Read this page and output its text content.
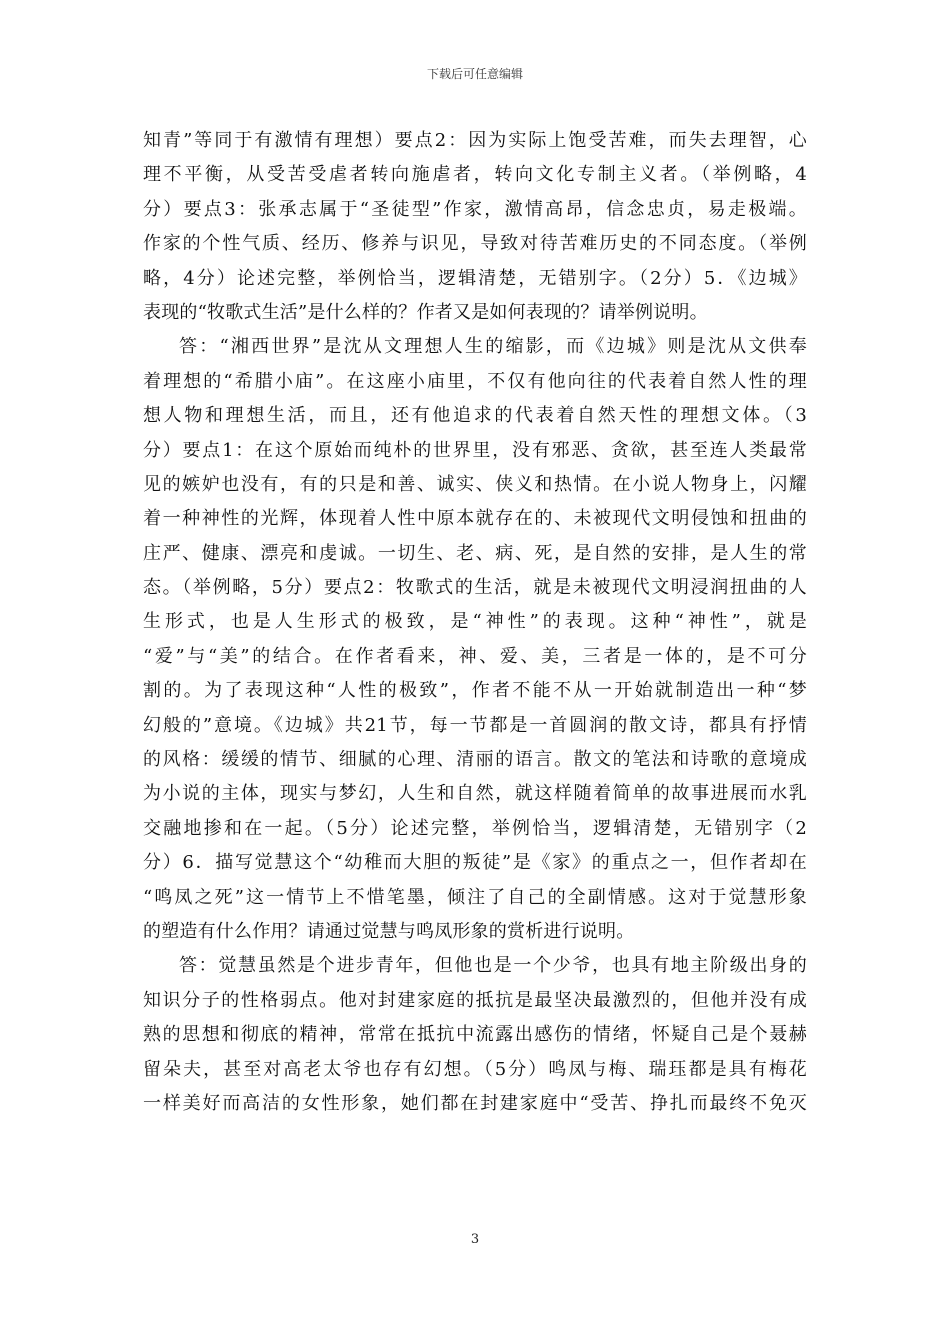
下载后可任意编辑
知青”等同于有激情有理想）要点2：因为实际上饱受苦难，而失去理智，心
理不平衡，从受苦受虐者转向施虐者，转向文化专制主义者。（举例略，4
分）要点3：张承志属于“圣徒型”作家，激情高昂，信念忠贞，易走极端。
作家的个性气质、经历、修养与识见，导致对待苦难历史的不同态度。（举例
略，4分）论述完整，举例恰当，逻辑清楚，无错别字。（2分）5．《边城》
表现的“牧歌式生活”是什么样的？作者又是如何表现的？请举例说明。
答：“湘西世界”是沈从文理想人生的缩影，而《边城》则是沈从文供奉
着理想的“希腊小庙”。在这座小庙里，不仅有他向往的代表着自然人性的理
想人物和理想生活，而且，还有他追求的代表着自然天性的理想文体。（3
分）要点1：在这个原始而纯朴的世界里，没有邪恶、贪欲，甚至连人类最常
见的嫉妒也没有，有的只是和善、诚实、侠义和热情。在小说人物身上，闪耀
着一种神性的光辉，体现着人性中原本就存在的、未被现代文明侵蚀和扭曲的
庄严、健康、漂亮和虔诚。一切生、老、病、死，是自然的安排，是人生的常
态。（举例略，5分）要点2：牧歌式的生活，就是未被现代文明浸润扭曲的人
生形式，也是人生形式的极致，是“神性”的表现。这种“神性”，就是
“爱”与“美”的结合。在作者看来，神、爱、美，三者是一体的，是不可分
割的。为了表现这种“人性的极致”，作者不能不从一开始就制造出一种“梦
幻般的”意境。《边城》共21节，每一节都是一首圆润的散文诗，都具有抒情
的风格：缓缓的情节、细腻的心理、清丽的语言。散文的笔法和诗歌的意境成
为小说的主体，现实与梦幻，人生和自然，就这样随着简单的故事进展而水乳
交融地掺和在一起。（5分）论述完整，举例恰当，逻辑清楚，无错别字（2
分）6．描写觉慧这个“幼稚而大胆的叛徒”是《家》的重点之一，但作者却在
“鸣凤之死”这一情节上不惜笔墨，倾注了自己的全副情感。这对于觉慧形象
的塑造有什么作用？请通过觉慧与鸣凤形象的赏析进行说明。
答：觉慧虽然是个进步青年，但他也是一个少爷，也具有地主阶级出身的
知识分子的性格弱点。他对封建家庭的抵抗是最坚决最激烈的，但他并没有成
熟的思想和彻底的精神，常常在抵抗中流露出感伤的情绪，怀疑自己是个聂赫
留朵夫，甚至对高老太爷也存有幻想。（5分）鸣凤与梅、瑞珏都是具有梅花
一样美好而高洁的女性形象，她们都在封建家庭中“受苦、挣扎而最终不免灭
3
